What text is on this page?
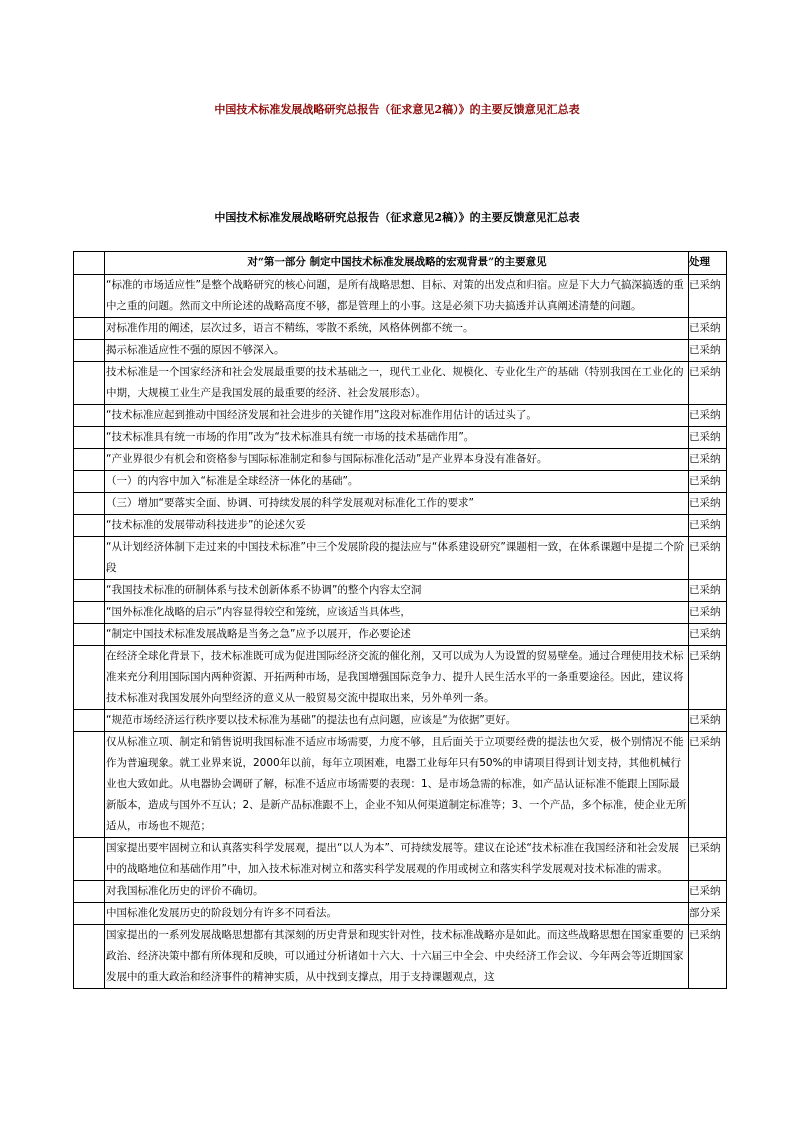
中国技术标准发展战略研究总报告（征求意见2稿）》的主要反馈意见汇总表
中国技术标准发展战略研究总报告（征求意见2稿）》的主要反馈意见汇总表
	对“第一部分 制定中国技术标准发展战略的宏观背景”的主要意见	处理
	“标准的市场适应性”是整个战略研究的核心问题，是所有战略思想、目标、对策的出发点和归宿。应是下大力气搞深搞透的重中之重的问题。然而文中所论述的战略高度不够，都是管理上的小事。这是必须下功夫搞透并认真阐述清楚的问题。	已采纳
	对标准作用的阐述，层次过多，语言不精练，零散不系统，风格体例都不统一。	已采纳
	揭示标准适应性不强的原因不够深入。	已采纳
	技术标准是一个国家经济和社会发展最重要的技术基础之一，现代工业化、规模化、专业化生产的基础（特别我国在工业化的中期，大规模工业生产是我国发展的最重要的经济、社会发展形态）。	已采纳
	“技术标准应起到推动中国经济发展和社会进步的关键作用”这段对标准作用估计的话过头了。	已采纳
	“技术标准具有统一市场的作用”改为“技术标准具有统一市场的技术基础作用”。	已采纳
	“产业界很少有机会和资格参与国际标准制定和参与国际标准化活动”是产业界本身没有准备好。	已采纳
	（一）的内容中加入“标准是全球经济一体化的基础”。	已采纳
	（三）增加“要落实全面、协调、可持续发展的科学发展观对标准化工作的要求”	已采纳
	“技术标准的发展带动科技进步”的论述欠妥	已采纳
	“从计划经济体制下走过来的中国技术标准”中三个发展阶段的提法应与“体系建设研究”课题相一致，在体系课题中是提二个阶段	已采纳
	“我国技术标准的研制体系与技术创新体系不协调”的整个内容太空洞	已采纳
	“国外标准化战略的启示”内容显得较空和笼统，应该适当具体些，	已采纳
	“制定中国技术标准发展战略是当务之急”应予以展开，作必要论述	已采纳
	在经济全球化背景下，技术标准既可成为促进国际经济交流的催化剂，又可以成为人为设置的贸易壁垒。通过合理使用技术标准来充分利用国际国内两种资源、开拓两种市场，是我国增强国际竞争力、提升人民生活水平的一条重要途径。因此，建议将技术标准对我国发展外向型经济的意义从一般贸易交流中提取出来，另外单列一条。	已采纳
	“规范市场经济运行秩序要以技术标准为基础”的提法也有点问题，应该是“为依据”更好。	已采纳
	仅从标准立项、制定和销售说明我国标准不适应市场需要，力度不够，且后面关于立项要经费的提法也欠妥，极个别情况不能作为普遍现象。就工业界来说，2000年以前，每年立项困难，电器工业每年只有50%的申请项目得到计划支持，其他机械行业也大致如此。从电器协会调研了解，标准不适应市场需要的表现：1、是市场急需的标准，如产品认证标准不能跟上国际最新版本，造成与国外不互认；2、是新产品标准跟不上，企业不知从何渠道制定标准等；3、一个产品，多个标准，使企业无所适从，市场也不规范；	已采纳
	国家提出要牢固树立和认真落实科学发展观，提出“以人为本”、可持续发展等。建议在论述“技术标准在我国经济和社会发展中的战略地位和基础作用”中，加入技术标准对树立和落实科学发展观的作用或树立和落实科学发展观对技术标准的需求。	已采纳
	对我国标准化历史的评价不确切。	已采纳
	中国标准化发展历史的阶段划分有许多不同看法。	部分采
	国家提出的一系列发展战略思想都有其深刻的历史背景和现实针对性，技术标准战略亦是如此。而这些战略思想在国家重要的政治、经济决策中都有所体现和反映，可以通过分析诸如十六大、十六届三中全会、中央经济工作会议、今年两会等近期国家发展中的重大政治和经济事件的精神实质，从中找到支撑点，用于支持课题观点，这	已采纳
